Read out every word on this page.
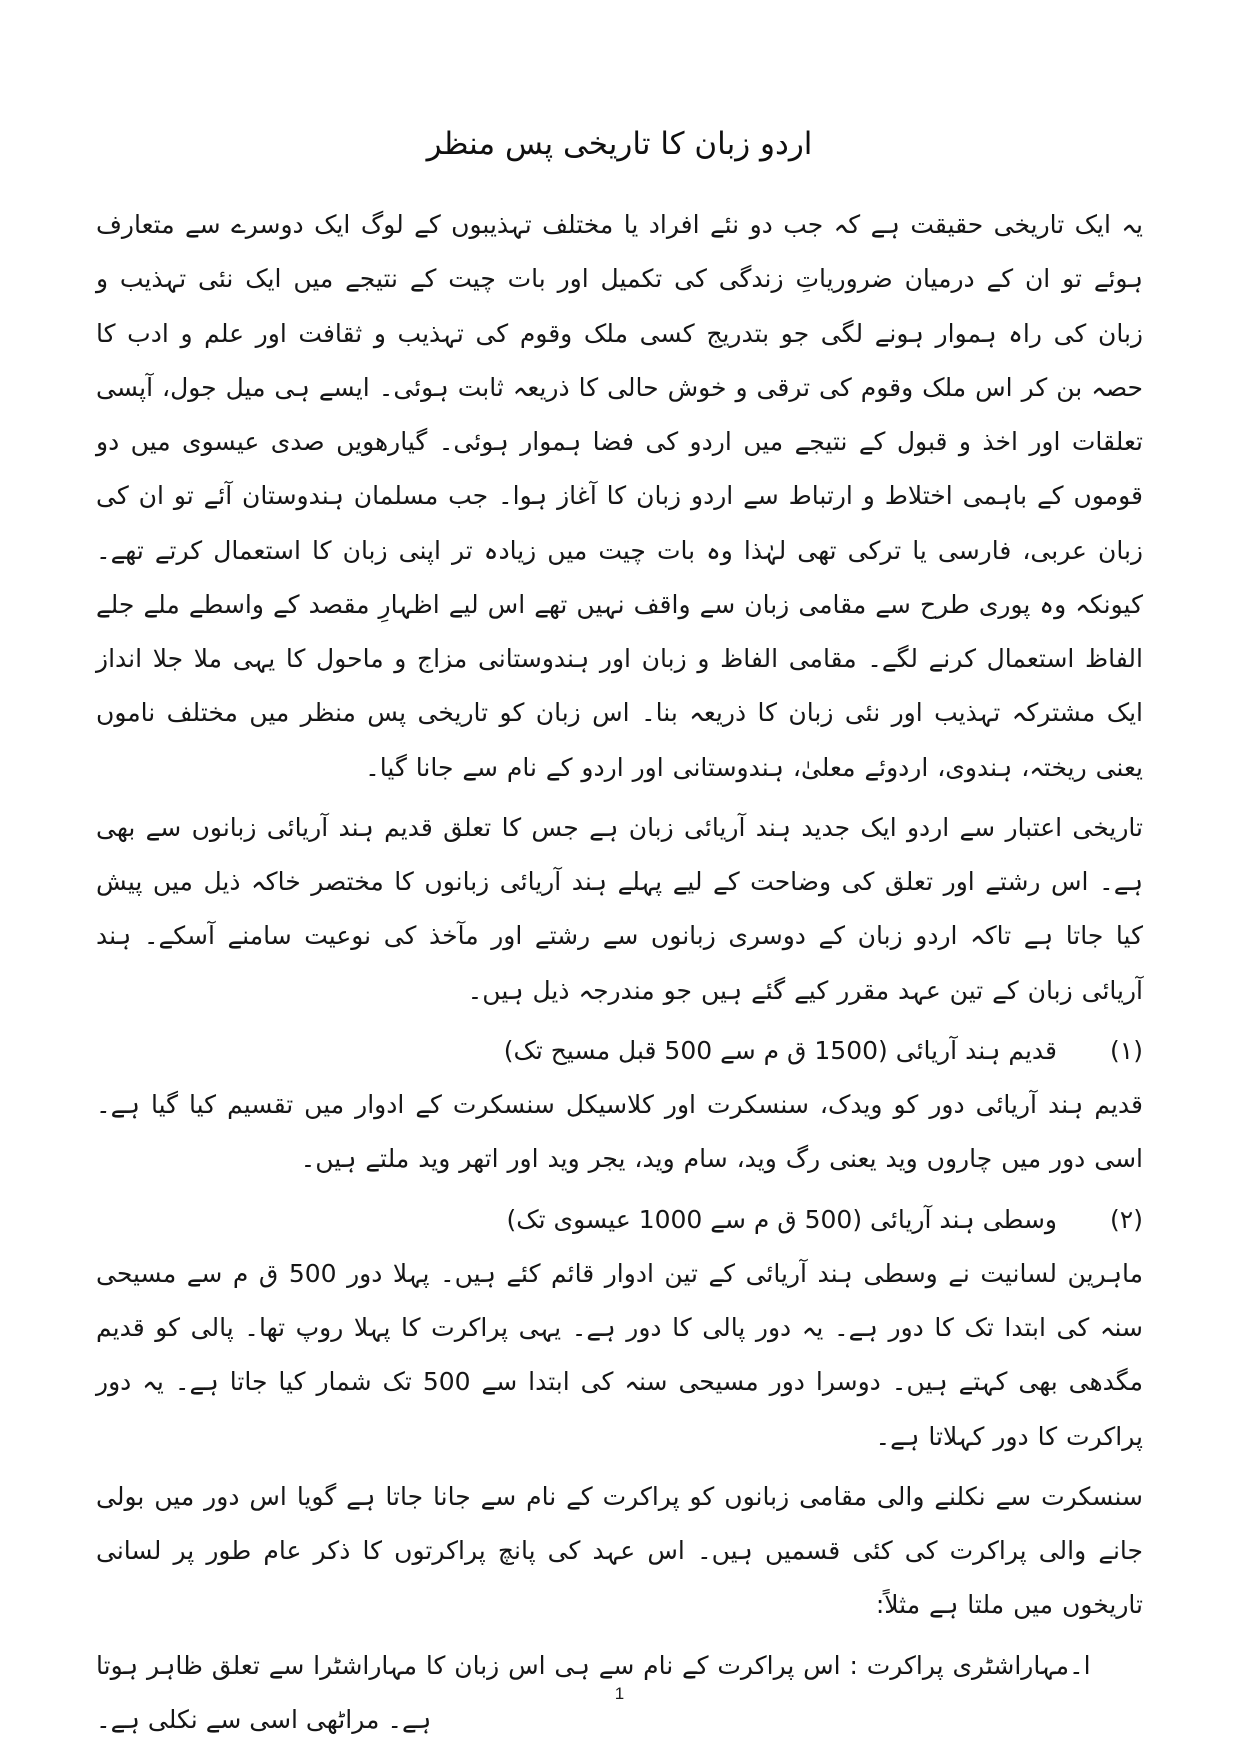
اردو زبان کا تاریخی پس منظر

یہ ایک تاریخی حقیقت ہے کہ جب دو نئے افراد یا مختلف تہذیبوں کے لوگ ایک دوسرے سے متعارف ہوئے تو ان کے درمیان ضروریاتِ زندگی کی تکمیل اور بات چیت کے نتیجے میں ایک نئی تہذیب و زبان کی راہ ہموار ہونے لگی جو بتدریج کسی ملک وقوم کی تہذیب و ثقافت اور علم و ادب کا حصہ بن کر اس ملک وقوم کی ترقی و خوش حالی کا ذریعہ ثابت ہوئی۔ ایسے ہی میل جول، آپسی تعلقات اور اخذ و قبول کے نتیجے میں اردو کی فضا ہموار ہوئی۔ گیارھویں صدی عیسوی میں دو قوموں کے باہمی اختلاط و ارتباط سے اردو زبان کا آغاز ہوا۔ جب مسلمان ہندوستان آئے تو ان کی زبان عربی، فارسی یا ترکی تھی لہٰذا وہ بات چیت میں زیادہ تر اپنی زبان کا استعمال کرتے تھے۔ کیونکہ وہ پوری طرح سے مقامی زبان سے واقف نہیں تھے اس لیے اظہارِ مقصد کے واسطے ملے جلے الفاظ استعمال کرنے لگے۔ مقامی الفاظ و زبان اور ہندوستانی مزاج و ماحول کا یہی ملا جلا انداز ایک مشترکہ تہذیب اور نئی زبان کا ذریعہ بنا۔ اس زبان کو تاریخی پس منظر میں مختلف ناموں یعنی ریختہ، ہندوی، اردوئے معلیٰ، ہندوستانی اور اردو کے نام سے جانا گیا۔

تاریخی اعتبار سے اردو ایک جدید ہند آریائی زبان ہے جس کا تعلق قدیم ہند آریائی زبانوں سے بھی ہے۔ اس رشتے اور تعلق کی وضاحت کے لیے پہلے ہند آریائی زبانوں کا مختصر خاکہ ذیل میں پیش کیا جاتا ہے تاکہ اردو زبان کے دوسری زبانوں سے رشتے اور مآخذ کی نوعیت سامنے آسکے۔ ہند آریائی زبان کے تین عہد مقرر کیے گئے ہیں جو مندرجہ ذیل ہیں۔

(۱)
قدیم ہند آریائی (1500 ق م سے 500 قبل مسیح تک)

قدیم ہند آریائی دور کو ویدک، سنسکرت اور کلاسیکل سنسکرت کے ادوار میں تقسیم کیا گیا ہے۔ اسی دور میں چاروں وید یعنی رگ وید، سام وید، یجر وید اور اتھر وید ملتے ہیں۔

(۲)
وسطی ہند آریائی (500 ق م سے 1000 عیسوی تک)

ماہرین لسانیت نے وسطی ہند آریائی کے تین ادوار قائم کئے ہیں۔ پہلا دور 500 ق م سے مسیحی سنہ کی ابتدا تک کا دور ہے۔ یہ دور پالی کا دور ہے۔ یہی پراکرت کا پہلا روپ تھا۔ پالی کو قدیم مگدھی بھی کہتے ہیں۔ دوسرا دور مسیحی سنہ کی ابتدا سے 500 تک شمار کیا جاتا ہے۔ یہ دور پراکرت کا دور کہلاتا ہے۔

سنسکرت سے نکلنے والی مقامی زبانوں کو پراکرت کے نام سے جانا جاتا ہے گویا اس دور میں بولی جانے والی پراکرت کی کئی قسمیں ہیں۔ اس عہد کی پانچ پراکرتوں کا ذکر عام طور پر لسانی تاریخوں میں ملتا ہے مثلاً:

ا۔مہاراشٹری پراکرت : اس پراکرت کے نام سے ہی اس زبان کا مہاراشٹرا سے تعلق ظاہر ہوتا ہے۔ مراٹھی اسی سے نکلی ہے۔

1
